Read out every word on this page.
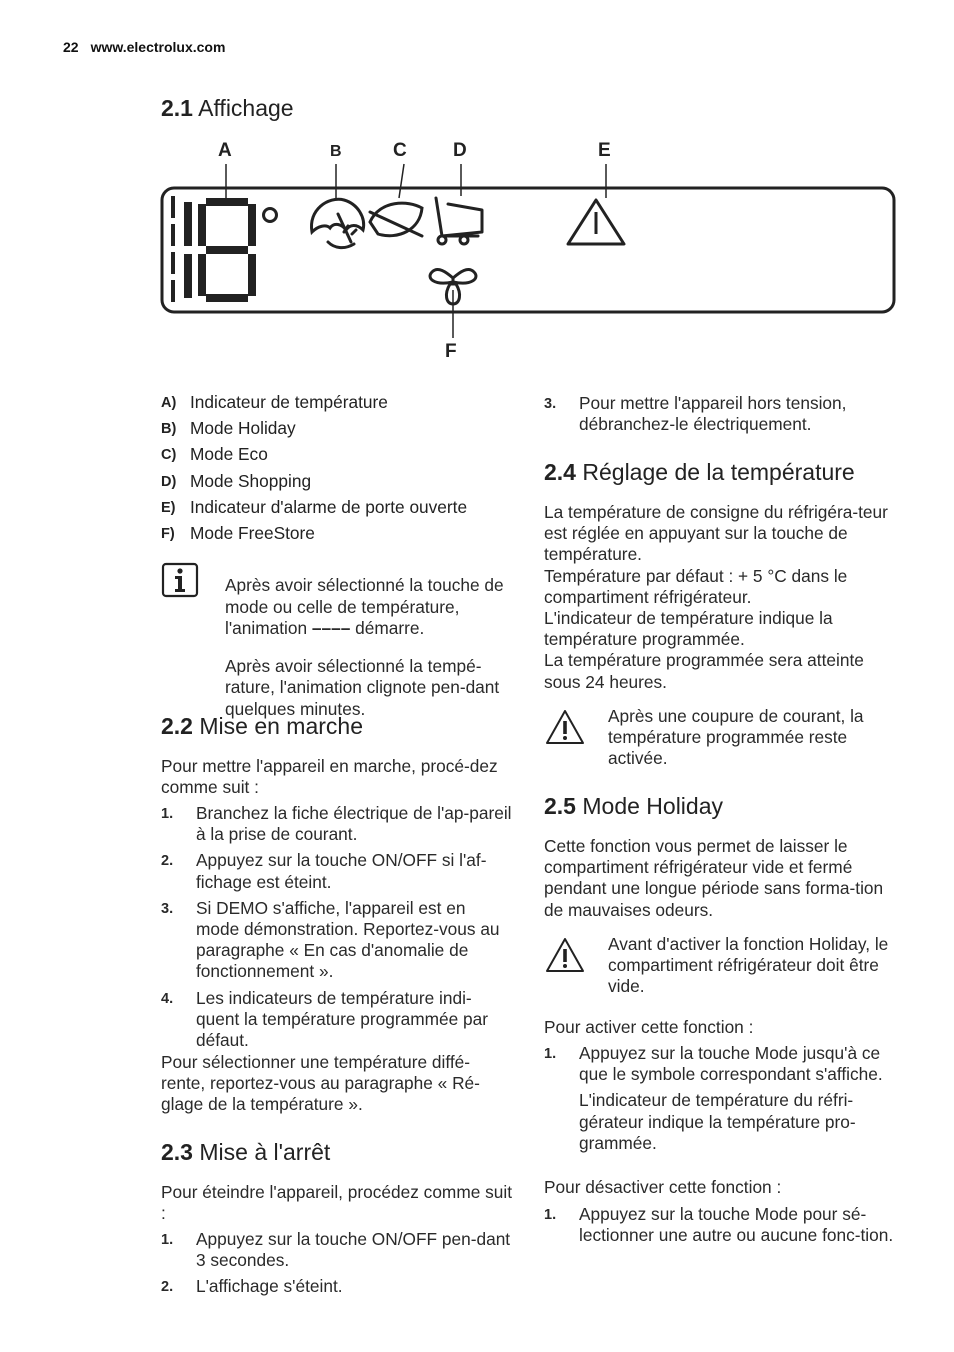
22 www.electrolux.com
2.1 Affichage
A	B	C D	E
F
A) Indicateur de température
B) Mode Holiday
C) Mode Eco
D) Mode Shopping
E) Indicateur d'alarme de porte ouverte
F) Mode FreeStore

Après avoir sélectionné la touche de mode ou celle de température, l'animation –––– démarre.

Après avoir sélectionné la tempé-rature, l'animation clignote pen-dant quelques minutes.

2.2 Mise en marche
Pour mettre l'appareil en marche, procé-dez comme suit :
1.	Branchez la fiche électrique de l'ap-pareil à la prise de courant.
2.	Appuyez sur la touche ON/OFF si l'af-fichage est éteint.
3.	Si DEMO s'affiche, l'appareil est en mode démonstration. Reportez-vous au paragraphe « En cas d'anomalie de fonctionnement ».
4.	Les indicateurs de température indi-quent la température programmée par défaut.
Pour sélectionner une température diffé-rente, reportez-vous au paragraphe « Ré-glage de la température ».
2.3 Mise à l'arrêt
Pour éteindre l'appareil, procédez comme suit :
1.	Appuyez sur la touche ON/OFF pen-dant 3 secondes.
2.	L'affichage s'éteint.
3.	Pour mettre l'appareil hors tension, débranchez-le électriquement.
2.4 Réglage de la température

La température de consigne du réfrigéra-teur est réglée en appuyant sur la touche de température.

Température par défaut : + 5 °C dans le compartiment réfrigérateur.

L'indicateur de température indique la température programmée.

La température programmée sera atteinte sous 24 heures.

Après une coupure de courant, la température programmée reste activée.
2.5 Mode Holiday
Cette fonction vous permet de laisser le compartiment réfrigérateur vide et fermé pendant une longue période sans forma-tion de mauvaises odeurs.
Avant d'activer la fonction Holiday, le compartiment réfrigérateur doit être vide.
Pour activer cette fonction :
1.	Appuyez sur la touche Mode jusqu'à ce que le symbole correspondant s'affiche.
L'indicateur de température du réfri-gérateur indique la température pro-grammée.
Pour désactiver cette fonction :
1.	Appuyez sur la touche Mode pour sé-lectionner une autre ou aucune fonc-tion.
